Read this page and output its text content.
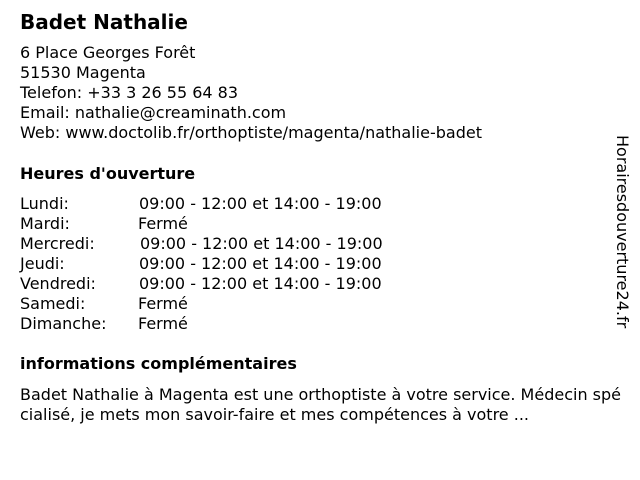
Badet Nathalie
6 Place Georges Forêt
51530 Magenta
Telefon: +33 3 26 55 64 83
Email: nathalie@creaminath.com
Web: www.doctolib.fr/orthoptiste/magenta/nathalie-badet
Heures d'ouverture
Lundi:	09:00 - 12:00 et 14:00 - 19:00
Mardi:	Fermé
Mercredi:	09:00 - 12:00 et 14:00 - 19:00
Jeudi:	09:00 - 12:00 et 14:00 - 19:00
Vendredi:	09:00 - 12:00 et 14:00 - 19:00
Samedi:	Fermé
Dimanche: Fermé
informations complémentaires
Badet Nathalie à Magenta est une orthoptiste à votre service. Médecin spécialisé, je mets mon savoir-faire et mes compétences à votre ...
Horairesdouverture24.fr
